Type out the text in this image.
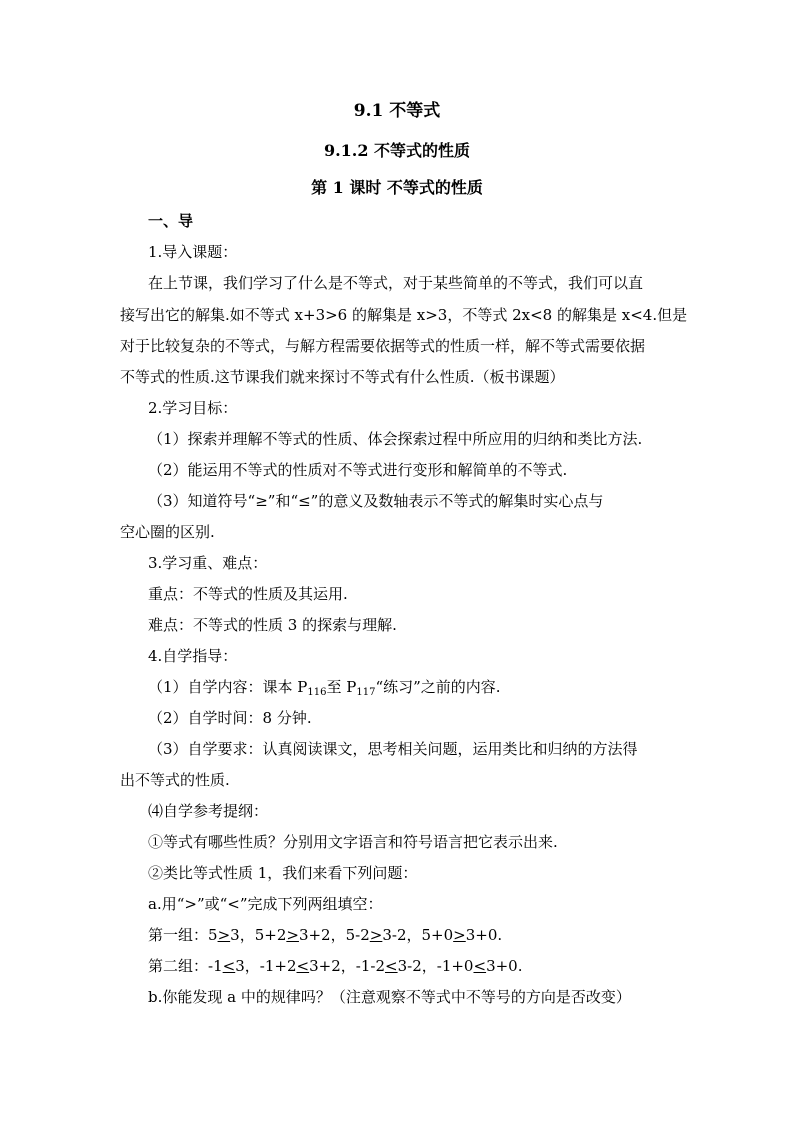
9.1 不等式
9.1.2 不等式的性质
第 1 课时 不等式的性质
一、导
1.导入课题：
在上节课，我们学习了什么是不等式，对于某些简单的不等式，我们可以直
接写出它的解集.如不等式 x+3>6 的解集是 x>3，不等式 2x<8 的解集是 x<4.但是
对于比较复杂的不等式，与解方程需要依据等式的性质一样，解不等式需要依据
不等式的性质.这节课我们就来探讨不等式有什么性质.（板书课题）
2.学习目标：
（1）探索并理解不等式的性质、体会探索过程中所应用的归纳和类比方法.
（2）能运用不等式的性质对不等式进行变形和解简单的不等式.
（3）知道符号“≥”和“≤”的意义及数轴表示不等式的解集时实心点与
空心圈的区别.
3.学习重、难点：
重点：不等式的性质及其运用.
难点：不等式的性质 3 的探索与理解.
4.自学指导：
（1）自学内容：课本 $P_{116}$至 $P_{117}“$练习”之前的内容.
（2）自学时间：8 分钟.
（3）自学要求：认真阅读课文，思考相关问题，运用类比和归纳的方法得
出不等式的性质.
⑷自学参考提纲：
①等式有哪些性质？分别用文字语言和符号语言把它表示出来.
②类比等式性质 1，我们来看下列问题：
a.用“>”或“<”完成下列两组填空：
第一组：5>3，5+2>3+2，5-2>3-2，5+0>3+0.
第二组：-1<3，-1+2<3+2，-1-2<3-2，-1+0<3+0.
b.你能发现 a 中的规律吗？（注意观察不等式中不等号的方向是否改变）
